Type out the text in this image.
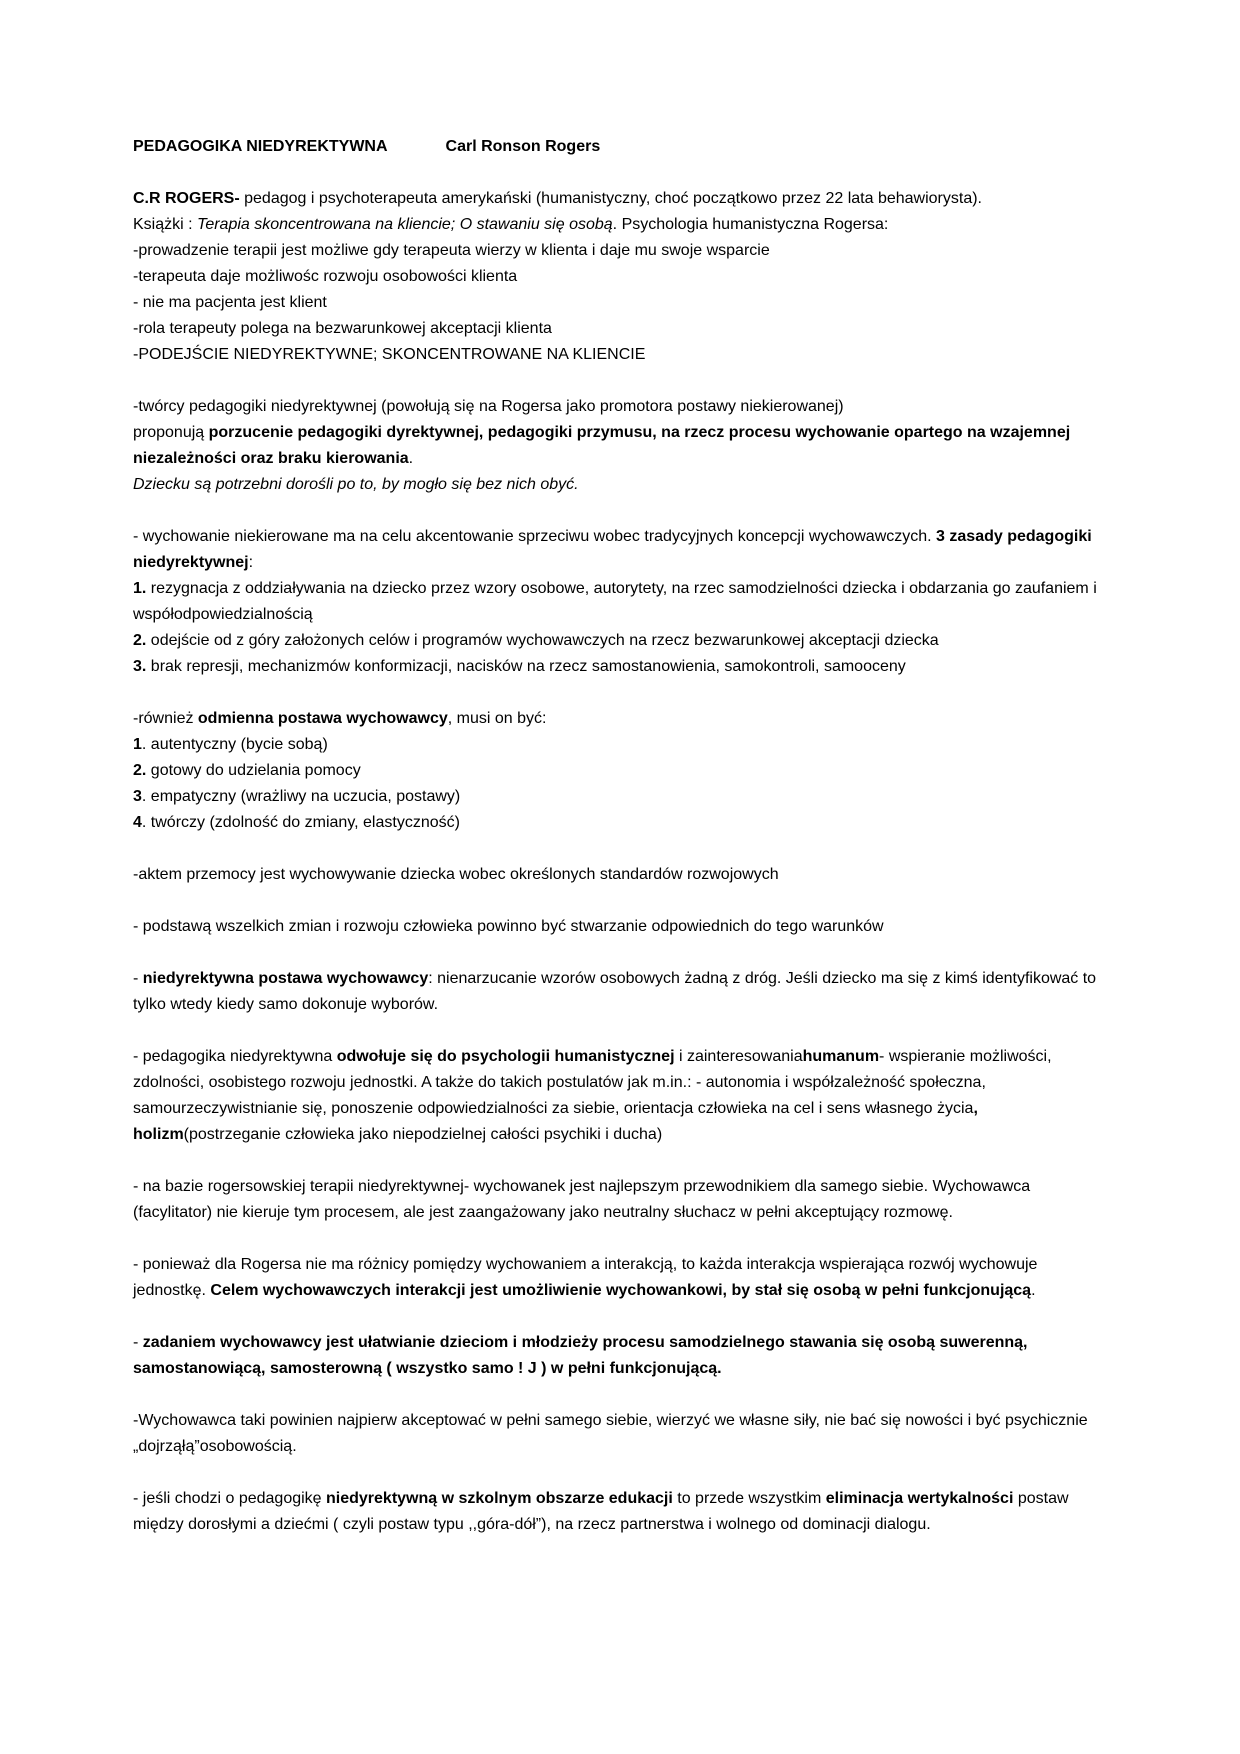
PEDAGOGIKA NIEDYREKTYWNA	Carl Ronson Rogers

C.R ROGERS- pedagog i psychoterapeuta amerykański (humanistyczny, choć początkowo przez 22 lata behawiorysta).
Książki : Terapia skoncentrowana na kliencie; O stawaniu się osobą. Psychologia humanistyczna Rogersa:
-prowadzenie terapii jest możliwe gdy terapeuta wierzy w klienta i daje mu swoje wsparcie
-terapeuta daje możliwośc rozwoju osobowości klienta
- nie ma pacjenta jest klient
-rola terapeuty polega na bezwarunkowej akceptacji klienta
-PODEJŚCIE NIEDYREKTYWNE; SKONCENTROWANE NA KLIENCIE

-twórcy pedagogiki niedyrektywnej (powołują się na Rogersa jako promotora postawy niekierowanej)
proponują porzucenie pedagogiki dyrektywnej, pedagogiki przymusu, na rzecz procesu wychowanie opartego na wzajemnej niezależności oraz braku kierowania.
Dziecku są potrzebni dorośli po to, by mogło się bez nich obyć.

- wychowanie niekierowane ma na celu akcentowanie sprzeciwu wobec tradycyjnych koncepcji wychowawczych. 3 zasady pedagogiki niedyrektywnej:
1. rezygnacja z oddziaływania na dziecko przez wzory osobowe, autorytety, na rzec samodzielności dziecka i obdarzania go zaufaniem i współodpowiedzialnością
2. odejście od z góry założonych celów i programów wychowawczych na rzecz bezwarunkowej akceptacji dziecka
3. brak represji, mechanizmów konformizacji, nacisków na rzecz samostanowienia, samokontroli, samooceny

-również odmienna postawa wychowawcy, musi on być:
1. autentyczny (bycie sobą)
2. gotowy do udzielania pomocy
3. empatyczny (wrażliwy na uczucia, postawy)
4. twórczy (zdolność do zmiany, elastyczność)

-aktem przemocy jest wychowywanie dziecka wobec określonych standardów rozwojowych

- podstawą wszelkich zmian i rozwoju człowieka powinno być stwarzanie odpowiednich do tego warunków

- niedyrektywna postawa wychowawcy: nienarzucanie wzorów osobowych żadną z dróg. Jeśli dziecko ma się z kimś identyfikować to tylko wtedy kiedy samo dokonuje wyborów.

- pedagogika niedyrektywna odwołuje się do psychologii humanistycznej i zainteresowaniahumanum- wspieranie możliwości, zdolności, osobistego rozwoju jednostki. A także do takich postulatów jak m.in.: - autonomia i współzależność społeczna, samourzeczywistnianie się, ponoszenie odpowiedzialności za siebie, orientacja człowieka na cel i sens własnego życia, holizm(postrzeganie człowieka jako niepodzielnej całości psychiki i ducha)

- na bazie rogersowskiej terapii niedyrektywnej- wychowanek jest najlepszym przewodnikiem dla samego siebie. Wychowawca (facylitator) nie kieruje tym procesem, ale jest zaangażowany jako neutralny słuchacz w pełni akceptujący rozmowę.

- ponieważ dla Rogersa nie ma różnicy pomiędzy wychowaniem a interakcją, to każda interakcja wspierająca rozwój wychowuje jednostkę. Celem wychowawczych interakcji jest umożliwienie wychowankowi, by stał się osobą w pełni funkcjonującą.

- zadaniem wychowawcy jest ułatwianie dzieciom i młodzieży procesu samodzielnego stawania się osobą suwerenną, samostanowiącą, samosterowną ( wszystko samo ! J ) w pełni funkcjonującą.

-Wychowawca taki powinien najpierw akceptować w pełni samego siebie, wierzyć we własne siły, nie bać się nowości i być psychicznie „dojrząłą”osobowością.

- jeśli chodzi o pedagogikę niedyrektywną w szkolnym obszarze edukacji to przede wszystkim eliminacja wertykalności postaw między dorosłymi a dziećmi ( czyli postaw typu ,,góra-dół”), na rzecz partnerstwa i wolnego od dominacji dialogu.
